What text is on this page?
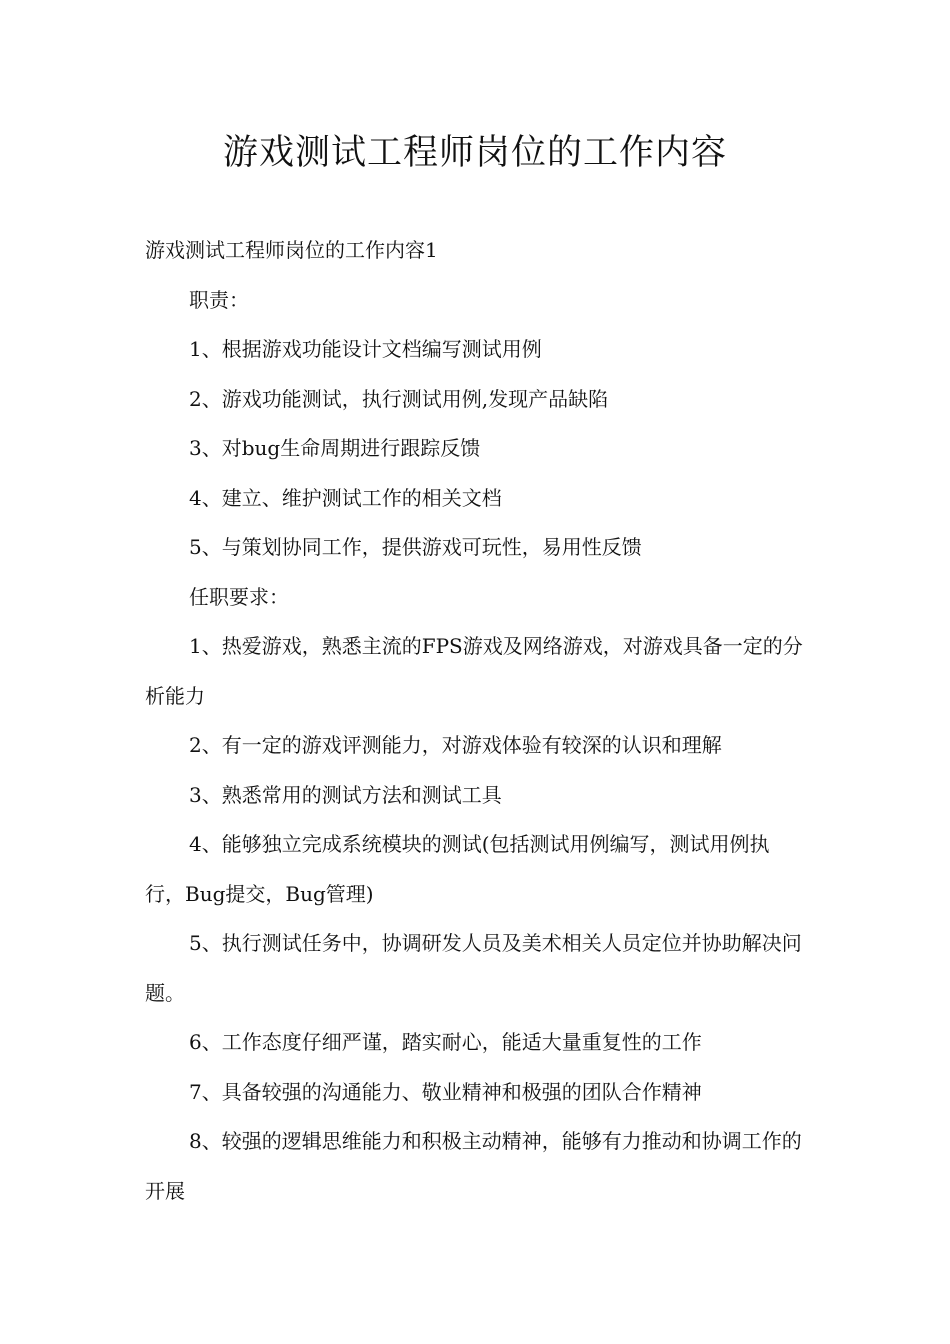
游戏测试工程师岗位的工作内容

游戏测试工程师岗位的工作内容1

职责：

1、根据游戏功能设计文档编写测试用例

2、游戏功能测试，执行测试用例,发现产品缺陷

3、对bug生命周期进行跟踪反馈

4、建立、维护测试工作的相关文档

5、与策划协同工作，提供游戏可玩性，易用性反馈

任职要求：

1、热爱游戏，熟悉主流的FPS游戏及网络游戏，对游戏具备一定的分析能力

2、有一定的游戏评测能力，对游戏体验有较深的认识和理解

3、熟悉常用的测试方法和测试工具

4、能够独立完成系统模块的测试(包括测试用例编写，测试用例执行，Bug提交，Bug管理)

5、执行测试任务中，协调研发人员及美术相关人员定位并协助解决问题。

6、工作态度仔细严谨，踏实耐心，能适大量重复性的工作

7、具备较强的沟通能力、敬业精神和极强的团队合作精神

8、较强的逻辑思维能力和积极主动精神，能够有力推动和协调工作的开展
